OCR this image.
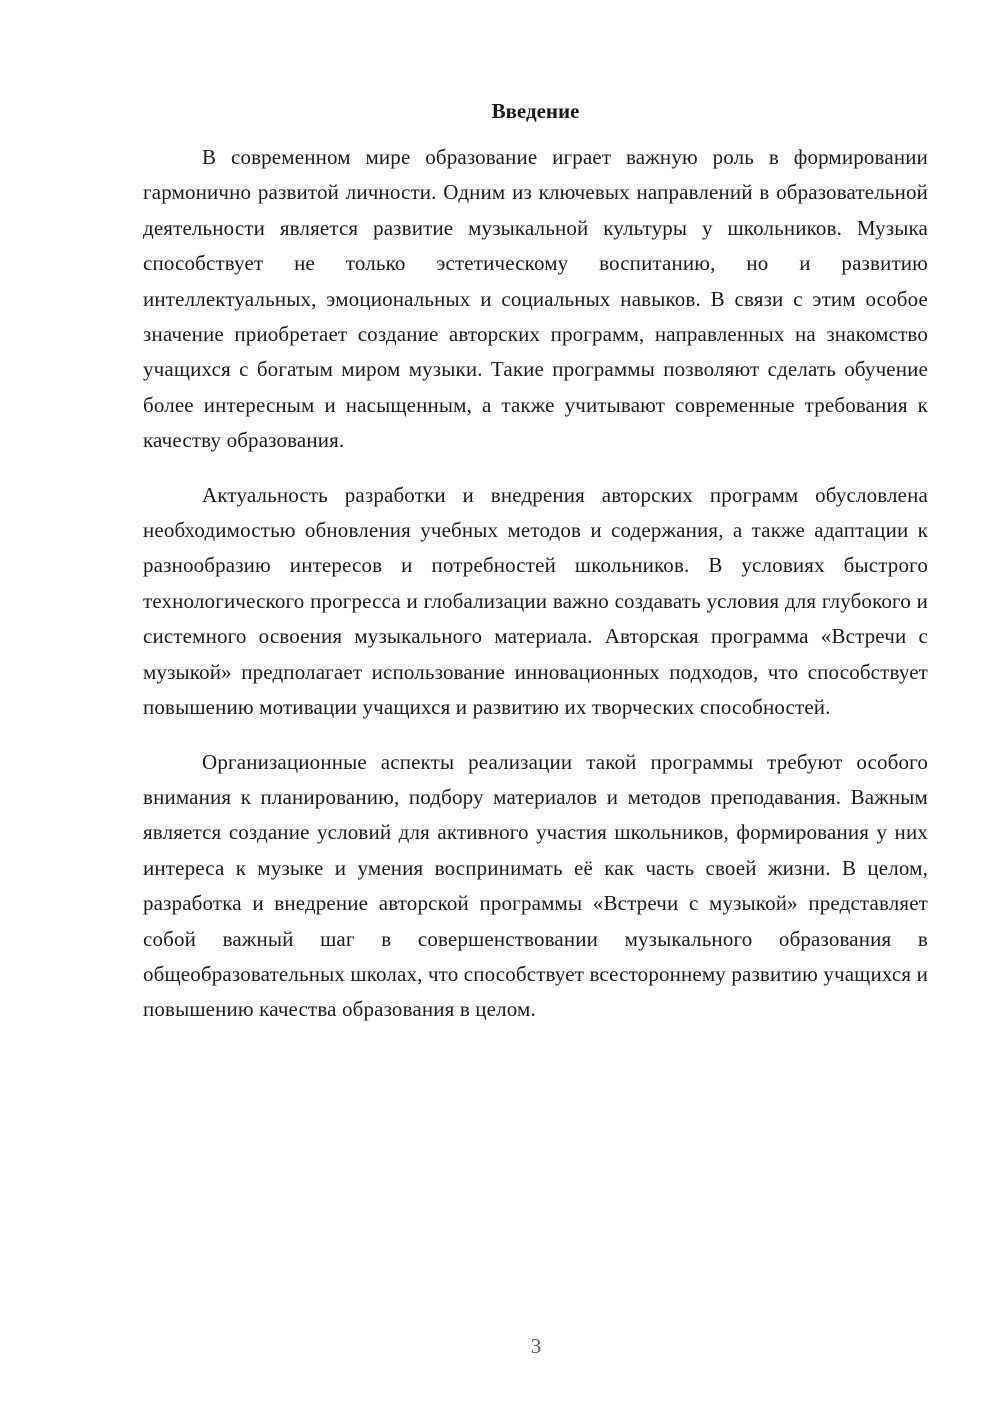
Введение

В современном мире образование играет важную роль в формировании гармонично развитой личности. Одним из ключевых направлений в образовательной деятельности является развитие музыкальной культуры у школьников. Музыка способствует не только эстетическому воспитанию, но и развитию интеллектуальных, эмоциональных и социальных навыков. В связи с этим особое значение приобретает создание авторских программ, направленных на знакомство учащихся с богатым миром музыки. Такие программы позволяют сделать обучение более интересным и насыщенным, а также учитывают современные требования к качеству образования.

Актуальность разработки и внедрения авторских программ обусловлена необходимостью обновления учебных методов и содержания, а также адаптации к разнообразию интересов и потребностей школьников. В условиях быстрого технологического прогресса и глобализации важно создавать условия для глубокого и системного освоения музыкального материала. Авторская программа «Встречи с музыкой» предполагает использование инновационных подходов, что способствует повышению мотивации учащихся и развитию их творческих способностей.

Организационные аспекты реализации такой программы требуют особого внимания к планированию, подбору материалов и методов преподавания. Важным является создание условий для активного участия школьников, формирования у них интереса к музыке и умения воспринимать её как часть своей жизни. В целом, разработка и внедрение авторской программы «Встречи с музыкой» представляет собой важный шаг в совершенствовании музыкального образования в общеобразовательных школах, что способствует всестороннему развитию учащихся и повышению качества образования в целом.

3
